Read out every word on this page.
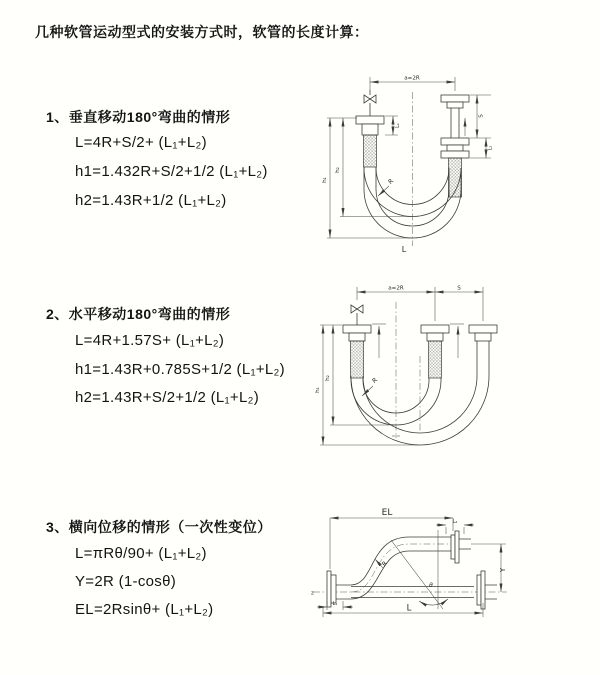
几种软管运动型式的安装方式时，软管的长度计算：
1、垂直移动180°弯曲的情形
L=4R+S/2+ (L₁+L₂)
h1=1.432R+S/2+1/2 (L₁+L₂)
h2=1.43R+1/2 (L₁+L₂)
2、水平移动180°弯曲的情形
L=4R+1.57S+ (L₁+L₂)
h1=1.43R+0.785S+1/2 (L₁+L₂)
h2=1.43R+S/2+1/2 (L₁+L₂)
3、横向位移的情形（一次性变位）
L=πRθ/90+ (L₁+L₂)
Y=2R (1-cosθ)
EL=2Rsinθ+ (L₁+L₂)
a=2R
h₁
h₂
L₁
S
L₂
R
L
a=2R	S
h₁
h₂	R
z
EL
L₂
Y
L
L₁
θ
R
